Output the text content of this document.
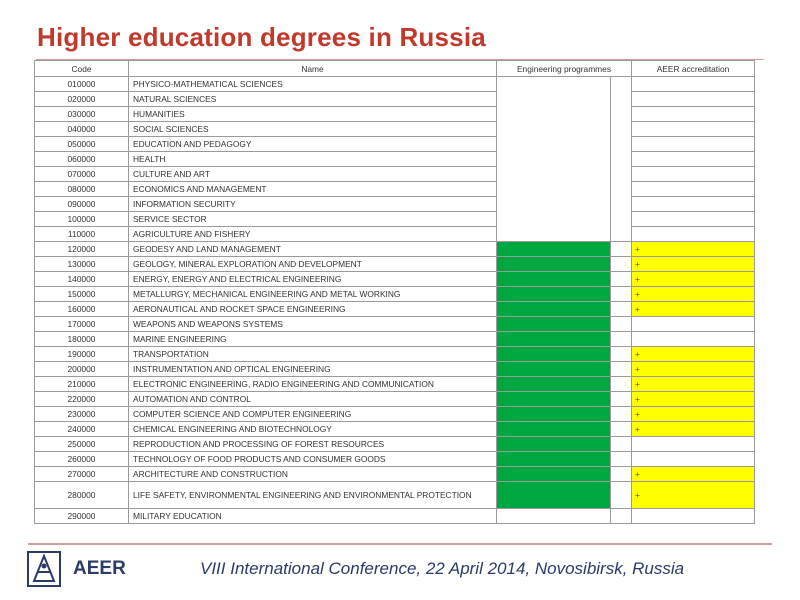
Higher education degrees in Russia
Code	Name	Engineering programmes		AEER accreditation
010000	PHYSICO-MATHEMATICAL SCIENCES			
020000	NATURAL SCIENCES			
030000	HUMANITIES			
040000	SOCIAL SCIENCES			
050000	EDUCATION AND PEDAGOGY			
060000	HEALTH			
070000	CULTURE AND ART			
080000	ECONOMICS AND MANAGEMENT			
090000	INFORMATION SECURITY			
100000	SERVICE SECTOR			
110000	AGRICULTURE AND FISHERY			
120000	GEODESY AND LAND MANAGEMENT			+
130000	GEOLOGY, MINERAL EXPLORATION AND DEVELOPMENT			+
140000	ENERGY, ENERGY AND ELECTRICAL ENGINEERING			+
150000	METALLURGY, MECHANICAL ENGINEERING AND METAL WORKING			+
160000	AERONAUTICAL AND ROCKET SPACE ENGINEERING			+
170000	WEAPONS AND WEAPONS SYSTEMS			
180000	MARINE ENGINEERING			
190000	TRANSPORTATION			+
200000	INSTRUMENTATION AND OPTICAL ENGINEERING			+
210000	ELECTRONIC ENGINEERING, RADIO ENGINEERING AND COMMUNICATION			+
220000	AUTOMATION AND CONTROL			+
230000	COMPUTER SCIENCE AND COMPUTER ENGINEERING			+
240000	CHEMICAL ENGINEERING AND BIOTECHNOLOGY			+
250000	REPRODUCTION AND PROCESSING OF FOREST RESOURCES			
260000	TECHNOLOGY OF FOOD PRODUCTS AND CONSUMER GOODS			
270000	ARCHITECTURE AND CONSTRUCTION			+
280000	LIFE SAFETY, ENVIRONMENTAL ENGINEERING AND ENVIRONMENTAL PROTECTION			+
290000	MILITARY EDUCATION			
AEER	VIII International Conference, 22 April 2014, Novosibirsk, Russia
